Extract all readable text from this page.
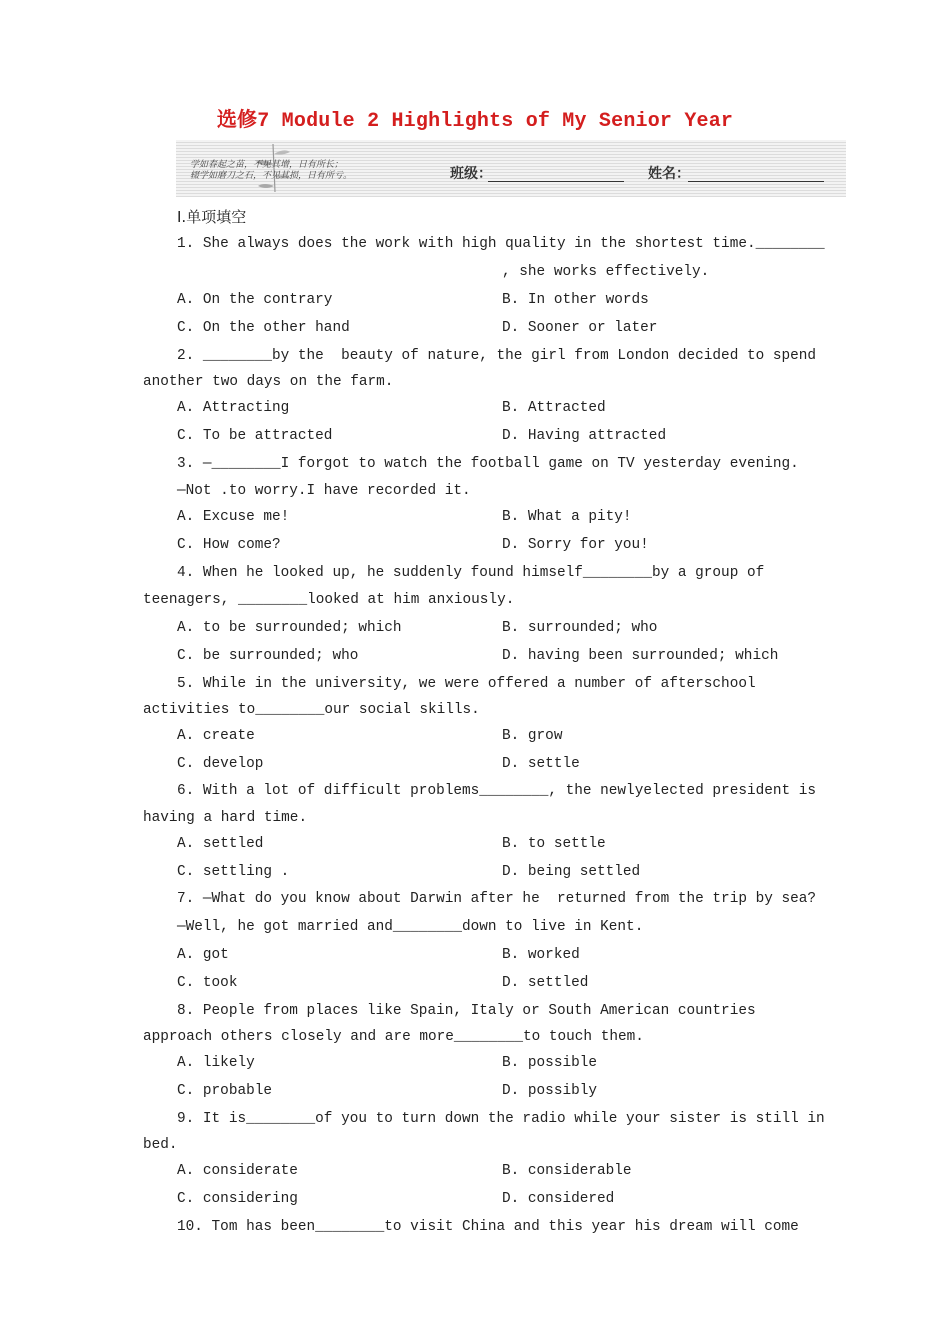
选修7 Module 2 Highlights of My Senior Year
学如春起之苗，不见其增，日有所长；
辍学如磨刀之石，不见其损，日有所亏。	班级：	姓名：
Ⅰ.单项填空
1. She always does the work with high quality in the shortest time.________
, she works effectively.
A. On the contrary	B. In other words
C. On the other hand	D. Sooner or later
2. ________by the  beauty of nature, the girl from London decided to spend
another two days on the farm.
A. Attracting	B. Attracted
C. To be attracted	D. Having attracted
3. —________I forgot to watch the football game on TV yesterday evening.
—Not .to worry.I have recorded it.
A. Excuse me!	B. What a pity!
C. How come?	D. Sorry for you!
4. When he looked up, he suddenly found himself________by a group of
teenagers, ________looked at him anxiously.
A. to be surrounded; which	B. surrounded; who
C. be surrounded; who	D. having been surrounded; which
5. While in the university, we were offered a number of afterschool
activities to________our social skills.
A. create	B. grow
C. develop	D. settle
6. With a lot of difficult problems________, the newlyelected president is
having a hard time.
A. settled	B. to settle
C. settling .	D. being settled
7. —What do you know about Darwin after he  returned from the trip by sea?
—Well, he got married and________down to live in Kent.
A. got	B. worked
C. took	D. settled
8. People from places like Spain, Italy or South American countries
approach others closely and are more________to touch them.
A. likely	B. possible
C. probable	D. possibly
9. It is________of you to turn down the radio while your sister is still in
bed.
A. considerate	B. considerable
C. considering	D. considered
10. Tom has been________to visit China and this year his dream will come
